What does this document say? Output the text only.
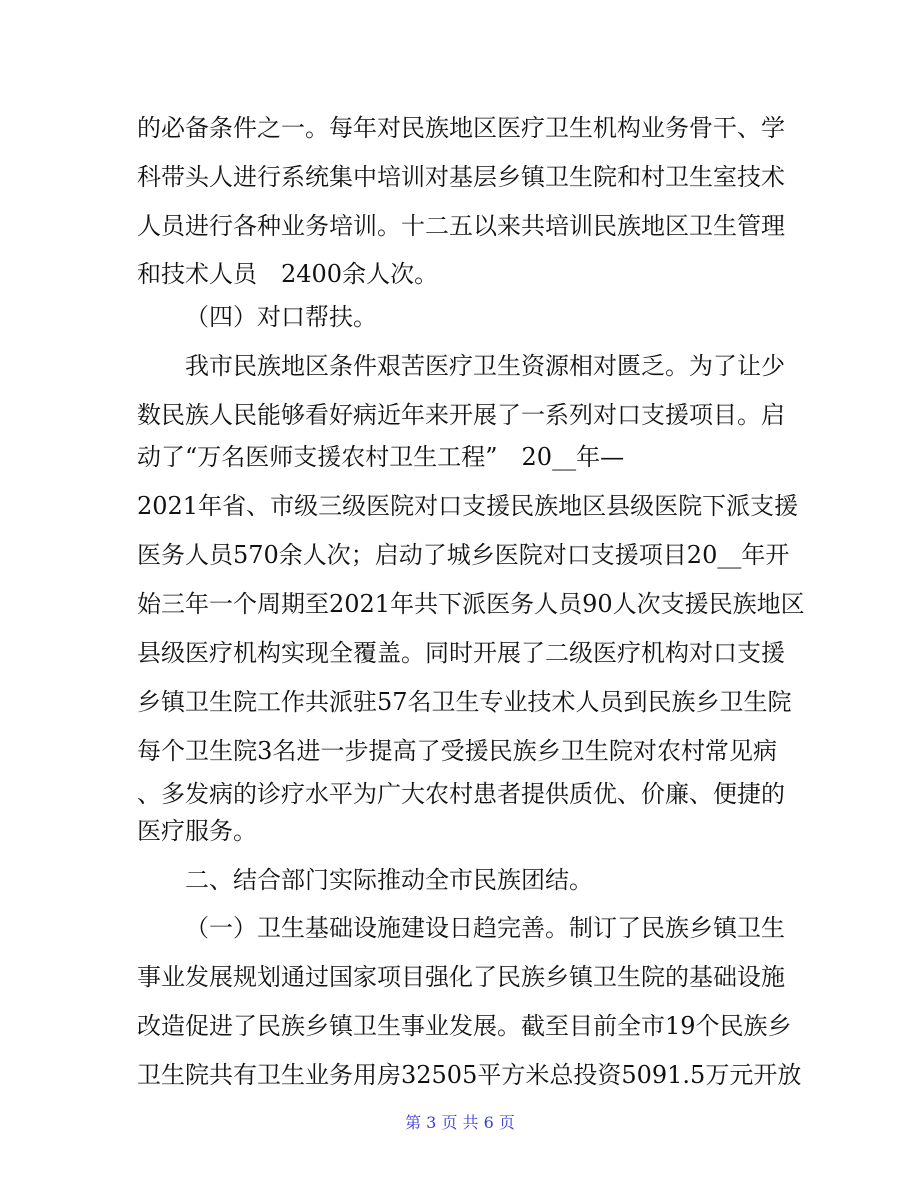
的必备条件之一。每年对民族地区医疗卫生机构业务骨干、学
科带头人进行系统集中培训对基层乡镇卫生院和村卫生室技术
人员进行各种业务培训。十二五以来共培训民族地区卫生管理
和技术人员　2400余人次。
（四）对口帮扶。
我市民族地区条件艰苦医疗卫生资源相对匮乏。为了让少
数民族人民能够看好病近年来开展了一系列对口支援项目。启
动了“万名医师支援农村卫生工程”　20__年—
2021年省、市级三级医院对口支援民族地区县级医院下派支援
医务人员570余人次；启动了城乡医院对口支援项目20__年开
始三年一个周期至2021年共下派医务人员90人次支援民族地区
县级医疗机构实现全覆盖。同时开展了二级医疗机构对口支援
乡镇卫生院工作共派驻57名卫生专业技术人员到民族乡卫生院
每个卫生院3名进一步提高了受援民族乡卫生院对农村常见病
、多发病的诊疗水平为广大农村患者提供质优、价廉、便捷的
医疗服务。
二、结合部门实际推动全市民族团结。
（一）卫生基础设施建设日趋完善。制订了民族乡镇卫生
事业发展规划通过国家项目强化了民族乡镇卫生院的基础设施
改造促进了民族乡镇卫生事业发展。截至目前全市19个民族乡
卫生院共有卫生业务用房32505平方米总投资5091.5万元开放
第 3 页 共 6 页
